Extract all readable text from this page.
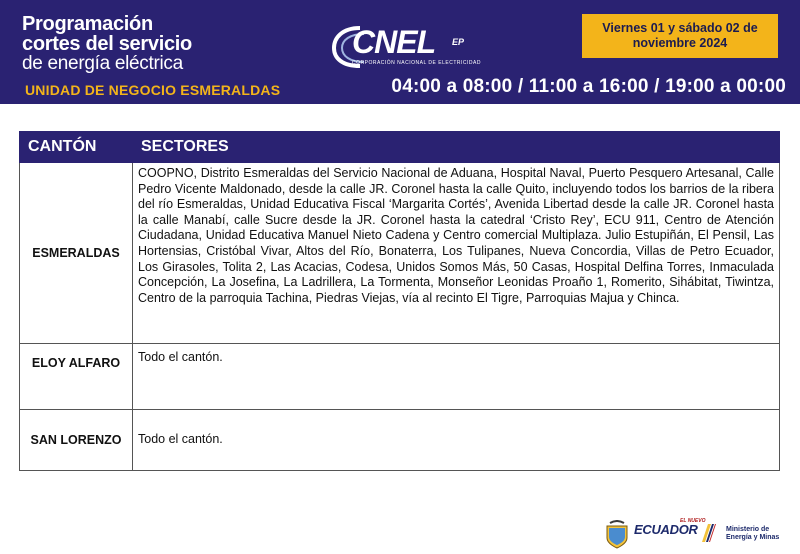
Programación
cortes del servicio
de energía eléctrica
UNIDAD DE NEGOCIO ESMERALDAS
CNEL EP
CORPORACIÓN NACIONAL DE ELECTRICIDAD
Viernes 01 y sábado 02 de
noviembre 2024
04:00 a 08:00 / 11:00 a 16:00 / 19:00 a 00:00
CANTÓN	SECTORES
ESMERALDAS	COOPNO, Distrito Esmeraldas del Servicio Nacional de Aduana, Hospital Naval, Puerto Pesquero Artesanal, Calle Pedro Vicente Maldonado, desde la calle JR. Coronel hasta la calle Quito, incluyendo todos los barrios de la ribera del río Esmeraldas, Unidad Educativa Fiscal ‘Margarita Cortés’, Avenida Libertad desde la calle JR. Coronel hasta la calle Manabí, calle Sucre desde la JR. Coronel hasta la catedral ‘Cristo Rey’, ECU 911, Centro de Atención Ciudadana, Unidad Educativa Manuel Nieto Cadena y Centro comercial Multiplaza. Julio Estupiñán, El Pensil, Las Hortensias, Cristóbal Vivar, Altos del Río, Bonaterra, Los Tulipanes, Nueva Concordia, Villas de Petro Ecuador, Los Girasoles, Tolita 2, Las Acacias, Codesa, Unidos Somos Más, 50 Casas, Hospital Delfina Torres, Inmaculada Concepción, La Josefina, La Ladrillera, La Tormenta, Monseñor Leonidas Proaño 1, Romerito, Sihábitat, Tiwintza, Centro de la parroquia Tachina, Piedras Viejas, vía al recinto El Tigre, Parroquias Majua y Chinca.
ELOY ALFARO	Todo el cantón.
SAN LORENZO	Todo el cantón.
EL NUEVO
ECUADOR	Ministerio de
Energía y Minas
